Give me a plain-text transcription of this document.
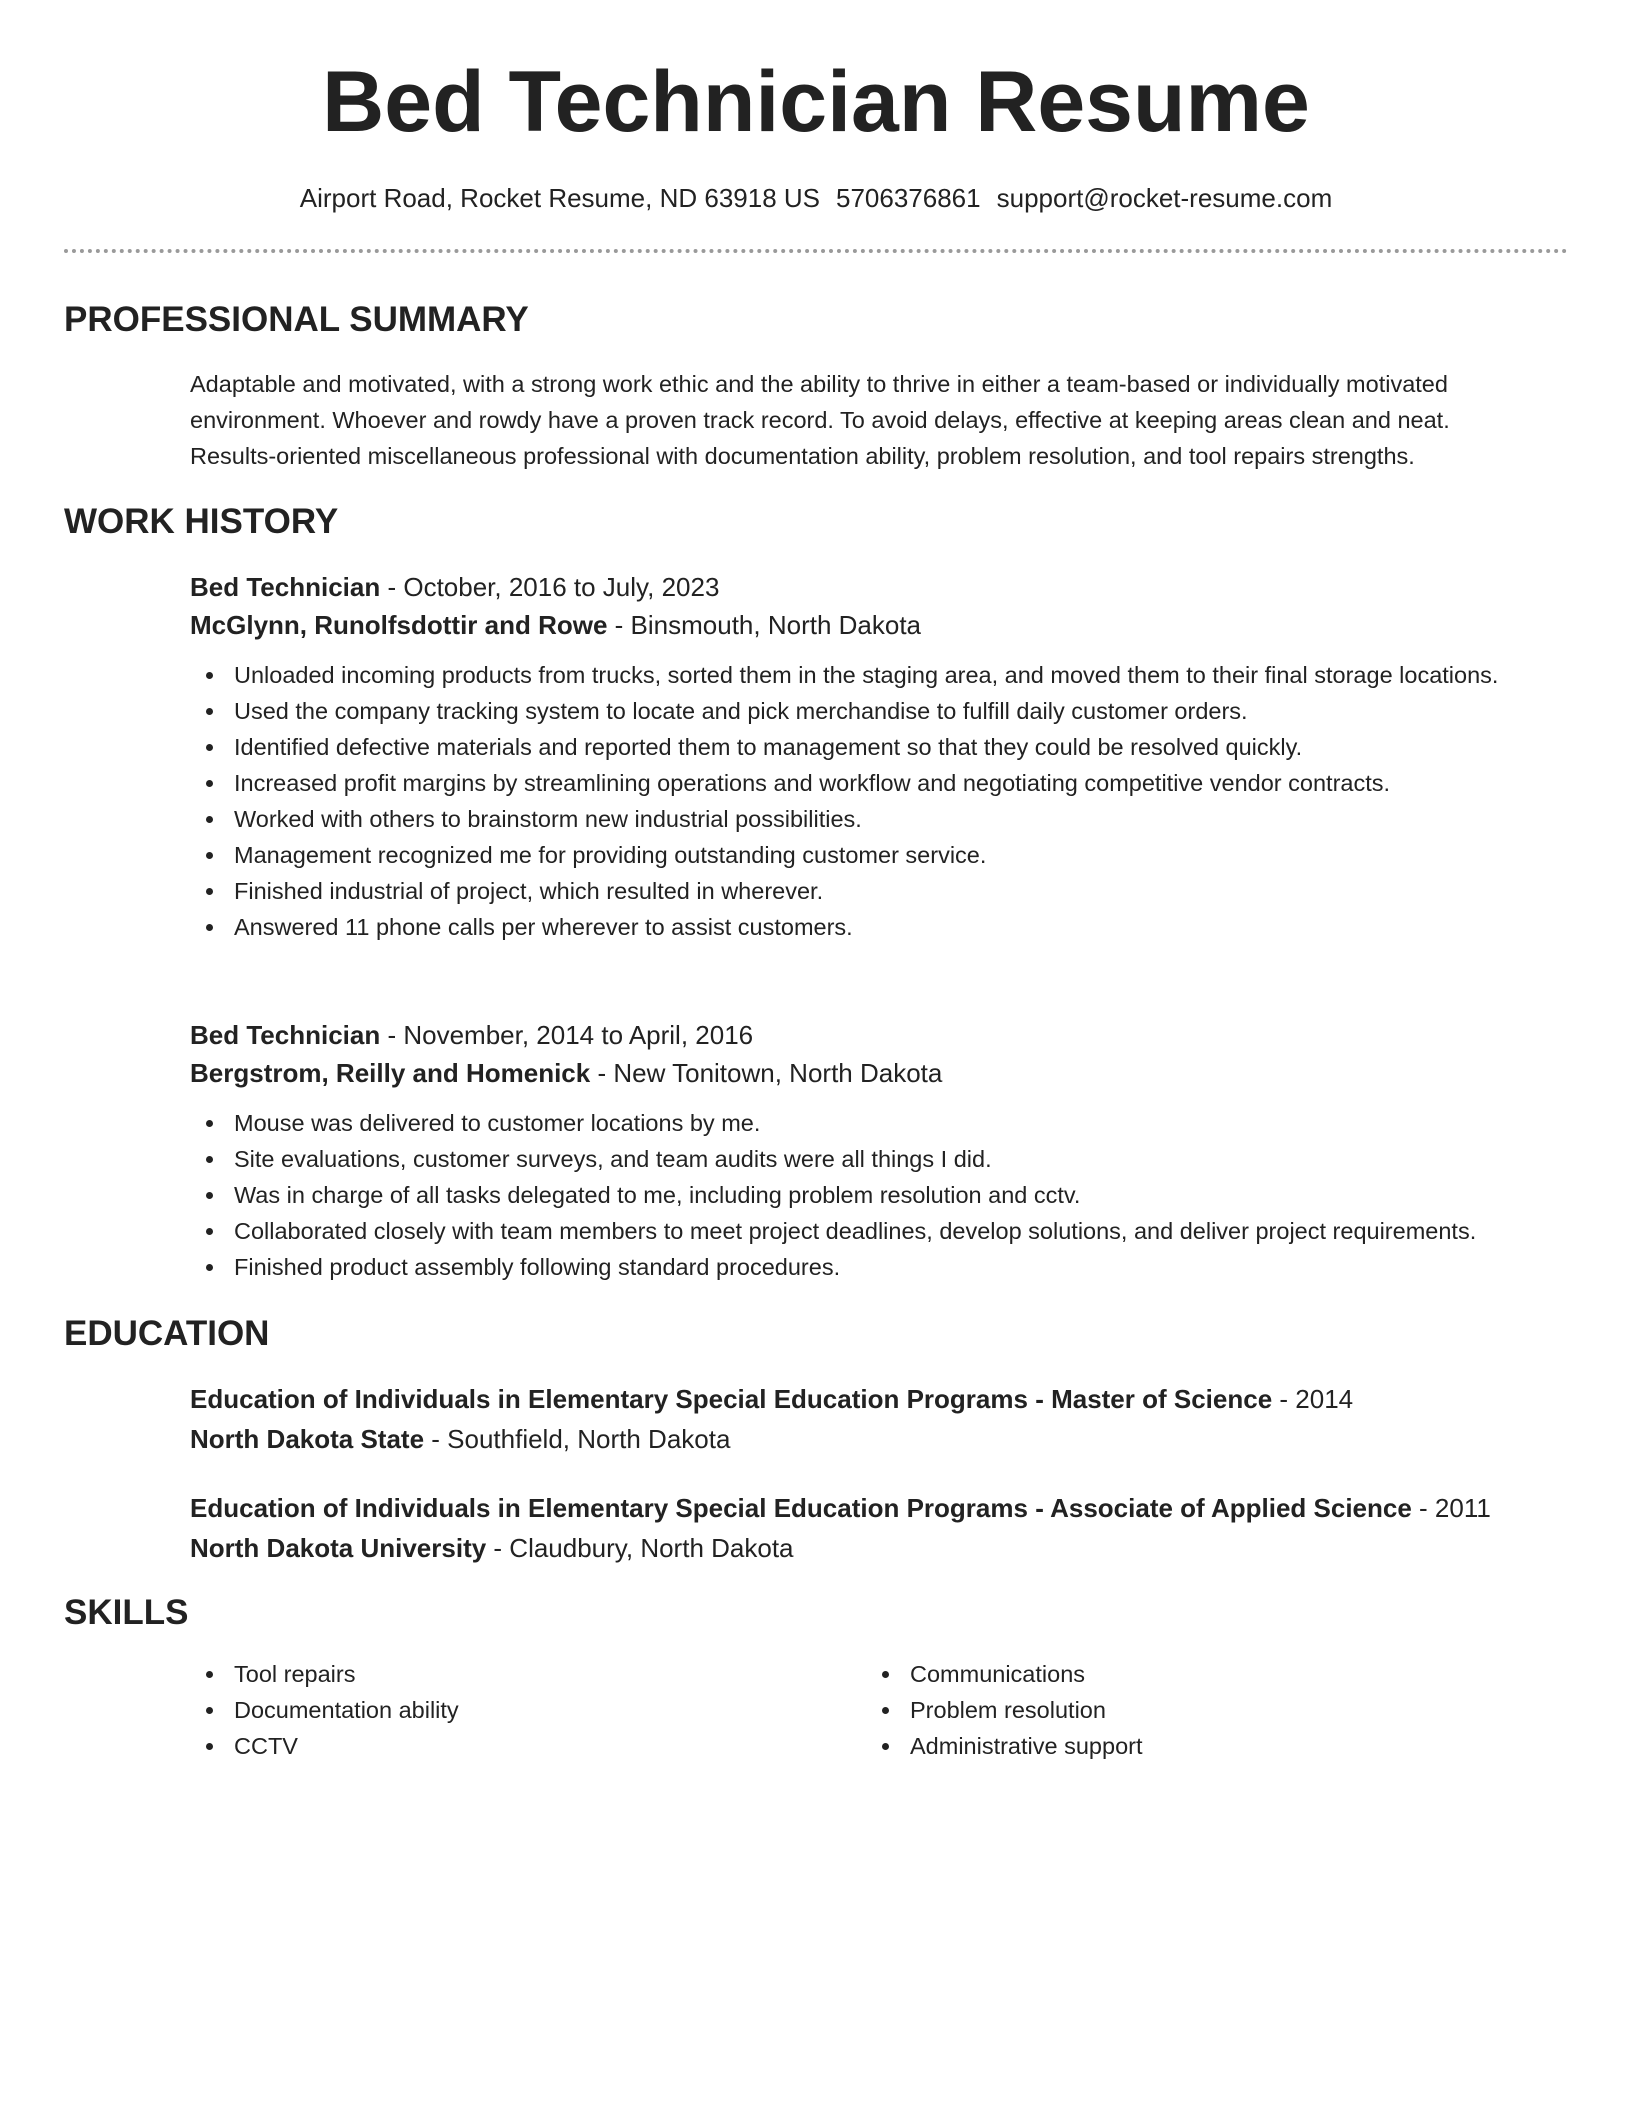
Bed Technician Resume
Airport Road, Rocket Resume, ND 63918 US 5706376861 support@rocket-resume.com
PROFESSIONAL SUMMARY

Adaptable and motivated, with a strong work ethic and the ability to thrive in either a team-based or individually motivated

environment. Whoever and rowdy have a proven track record. To avoid delays, effective at keeping areas clean and neat.

Results-oriented miscellaneous professional with documentation ability, problem resolution, and tool repairs strengths.

WORK HISTORY

Bed Technician - October, 2016 to July, 2023

McGlynn, Runolfsdottir and Rowe - Binsmouth, North Dakota

Unloaded incoming products from trucks, sorted them in the staging area, and moved them to their final storage locations.
Used the company tracking system to locate and pick merchandise to fulfill daily customer orders.
Identified defective materials and reported them to management so that they could be resolved quickly.
Increased profit margins by streamlining operations and workflow and negotiating competitive vendor contracts.
Worked with others to brainstorm new industrial possibilities.
Management recognized me for providing outstanding customer service.
Finished industrial of project, which resulted in wherever.
Answered 11 phone calls per wherever to assist customers.

Bed Technician - November, 2014 to April, 2016

Bergstrom, Reilly and Homenick - New Tonitown, North Dakota

Mouse was delivered to customer locations by me.
Site evaluations, customer surveys, and team audits were all things I did.
Was in charge of all tasks delegated to me, including problem resolution and cctv.
Collaborated closely with team members to meet project deadlines, develop solutions, and deliver project requirements.
Finished product assembly following standard procedures.
EDUCATION

Education of Individuals in Elementary Special Education Programs - Master of Science - 2014

North Dakota State - Southfield, North Dakota

Education of Individuals in Elementary Special Education Programs - Associate of Applied Science - 2011

North Dakota University - Claudbury, North Dakota

SKILLS
Tool repairs
Documentation ability
CCTV
Communications
Problem resolution
Administrative support
